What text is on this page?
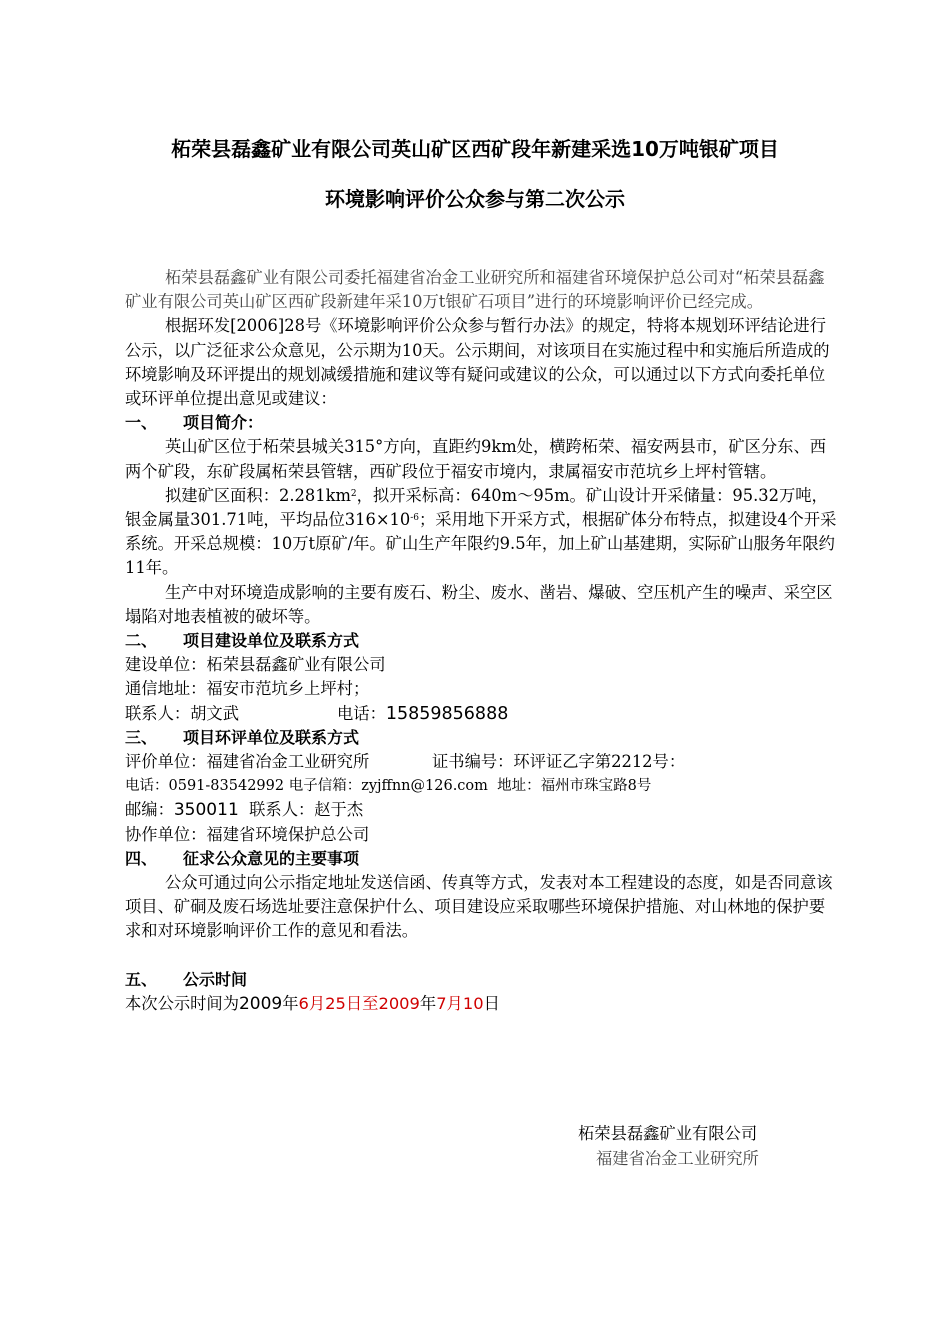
柘荣县磊鑫矿业有限公司英山矿区西矿段年新建采选10万吨银矿项目
环境影响评价公众参与第二次公示

柘荣县磊鑫矿业有限公司委托福建省冶金工业研究所和福建省环境保护总公司对“柘荣县磊鑫矿业有限公司英山矿区西矿段新建年采10万t银矿石项目”进行的环境影响评价已经完成。

根据环发[2006]28号《环境影响评价公众参与暂行办法》的规定，特将本规划环评结论进行公示，以广泛征求公众意见，公示期为10天。公示期间，对该项目在实施过程中和实施后所造成的环境影响及环评提出的规划减缓措施和建议等有疑问或建议的公众，可以通过以下方式向委托单位或环评单位提出意见或建议：

一、 项目简介：

英山矿区位于柘荣县城关315°方向，直距约9km处，横跨柘荣、福安两县市，矿区分东、西两个矿段，东矿段属柘荣县管辖，西矿段位于福安市境内，隶属福安市范坑乡上坪村管辖。

拟建矿区面积：$2.281km^2$，拟开采标高：640m～95m。矿山设计开采储量：95.32万吨，银金属量301.71吨，平均品位$316\times 10^{-6}$；采用地下开采方式，根据矿体分布特点，拟建设4个开采系统。开采总规模：10万t原矿/年。矿山生产年限约9.5年，加上矿山基建期，实际矿山服务年限约11年。

生产中对环境造成影响的主要有废石、粉尘、废水、凿岩、爆破、空压机产生的噪声、采空区塌陷对地表植被的破坏等。

二、 项目建设单位及联系方式

建设单位：柘荣县磊鑫矿业有限公司

通信地址：福安市范坑乡上坪村；

联系人：胡文武	电话：15859856888

三、 项目环评单位及联系方式

评价单位：福建省冶金工业研究所	证书编号：环评证乙字第2212号：

电话：0591-83542992 电子信箱：zyjffnn@126.com 地址：福州市珠宝路8号

邮编：350011 联系人：赵于杰

协作单位：福建省环境保护总公司

四、 征求公众意见的主要事项

公众可通过向公示指定地址发送信函、传真等方式，发表对本工程建设的态度，如是否同意该项目、矿硐及废石场选址要注意保护什么、项目建设应采取哪些环境保护措施、对山林地的保护要求和对环境影响评价工作的意见和看法。

五、 公示时间

本次公示时间为2009年6月25日至2009年7月10日

柘荣县磊鑫矿业有限公司
福建省冶金工业研究所
